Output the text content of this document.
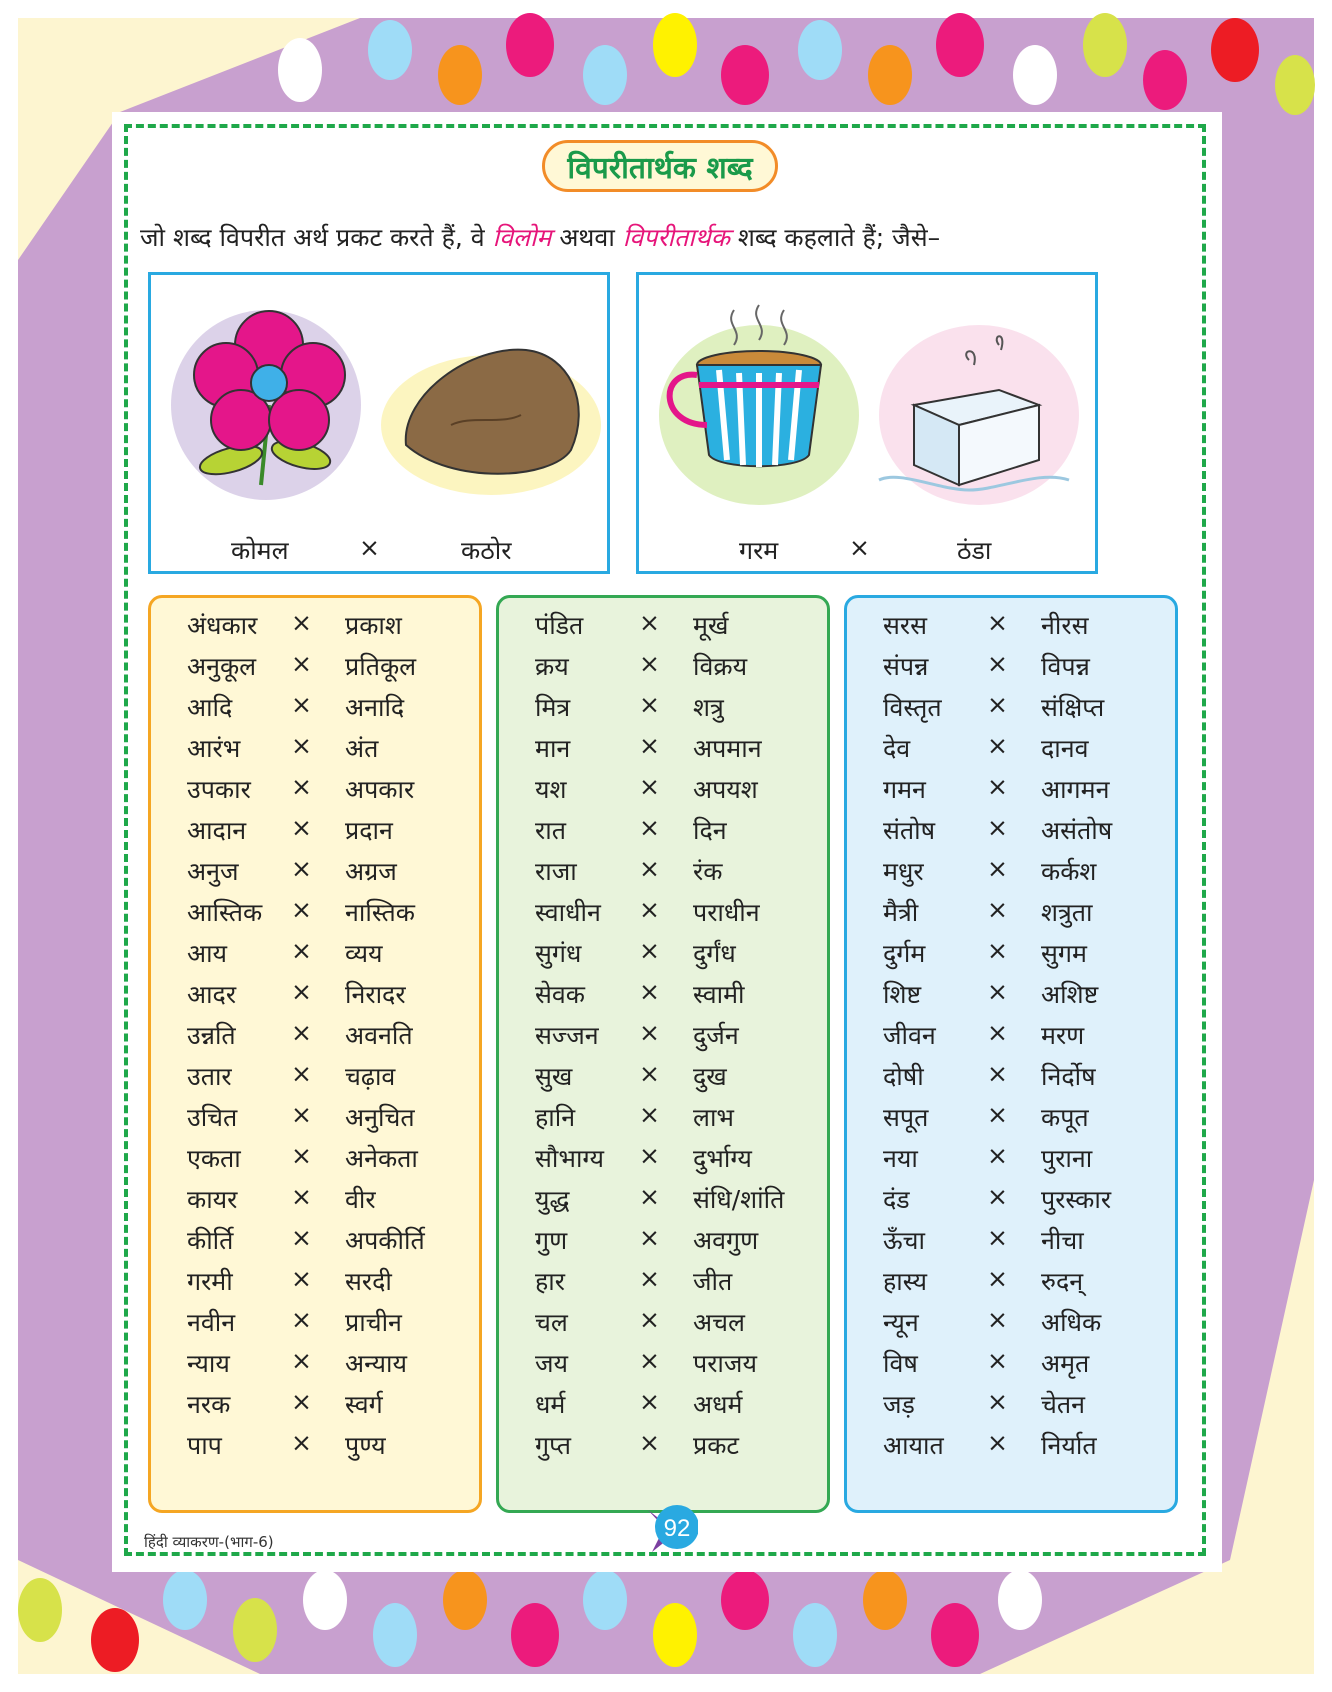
विपरीतार्थक शब्द
जो शब्द विपरीत अर्थ प्रकट करते हैं, वे विलोम अथवा विपरीतार्थक शब्द कहलाते हैं; जैसे–
कोमल	×	कठोर	गरम	×	ठंडा
अंधकार × प्रकाश
अनुकूल × प्रतिकूल
आदि × अनादि
आरंभ × अंत
उपकार × अपकार
आदान × प्रदान
अनुज × अग्रज
आस्तिक × नास्तिक
आय	× व्यय
आदर × निरादर
उन्नति × अवनति
उतार × चढ़ाव
उचित × अनुचित
एकता × अनेकता
कायर × वीर
कीर्ति × अपकीर्ति
गरमी × सरदी
नवीन × प्राचीन
न्याय × अन्याय
नरक × स्वर्ग
पाप	× पुण्य
पंडित × मूर्ख
क्रय	× विक्रय
मित्र	× शत्रु
मान	× अपमान
यश	× अपयश
रात	× दिन
राजा × रंक
स्वाधीन × पराधीन
सुगंध × दुर्गंध
सेवक × स्वामी
सज्जन × दुर्जन
सुख	× दुख
हानि	× लाभ
सौभाग्य × दुर्भाग्य
युद्ध	× संधि/शांति
गुण	× अवगुण
हार	× जीत
चल	× अचल
जय	× पराजय
धर्म	× अधर्म
गुप्त	× प्रकट
सरस × नीरस
संपन्न × विपन्न
विस्तृत × संक्षिप्त
देव	× दानव
गमन × आगमन
संतोष × असंतोष
मधुर	× कर्कश
मैत्री	× शत्रुता
दुर्गम × सुगम
शिष्ट	× अशिष्ट
जीवन × मरण
दोषी	× निर्दोष
सपूत × कपूत
नया	× पुराना
दंड	× पुरस्कार
ऊँचा × नीचा
हास्य × रुदन्
न्यून	× अधिक
विष	× अमृत
जड़	× चेतन
आयात × निर्यात
हिंदी व्याकरण-(भाग-6)	92
